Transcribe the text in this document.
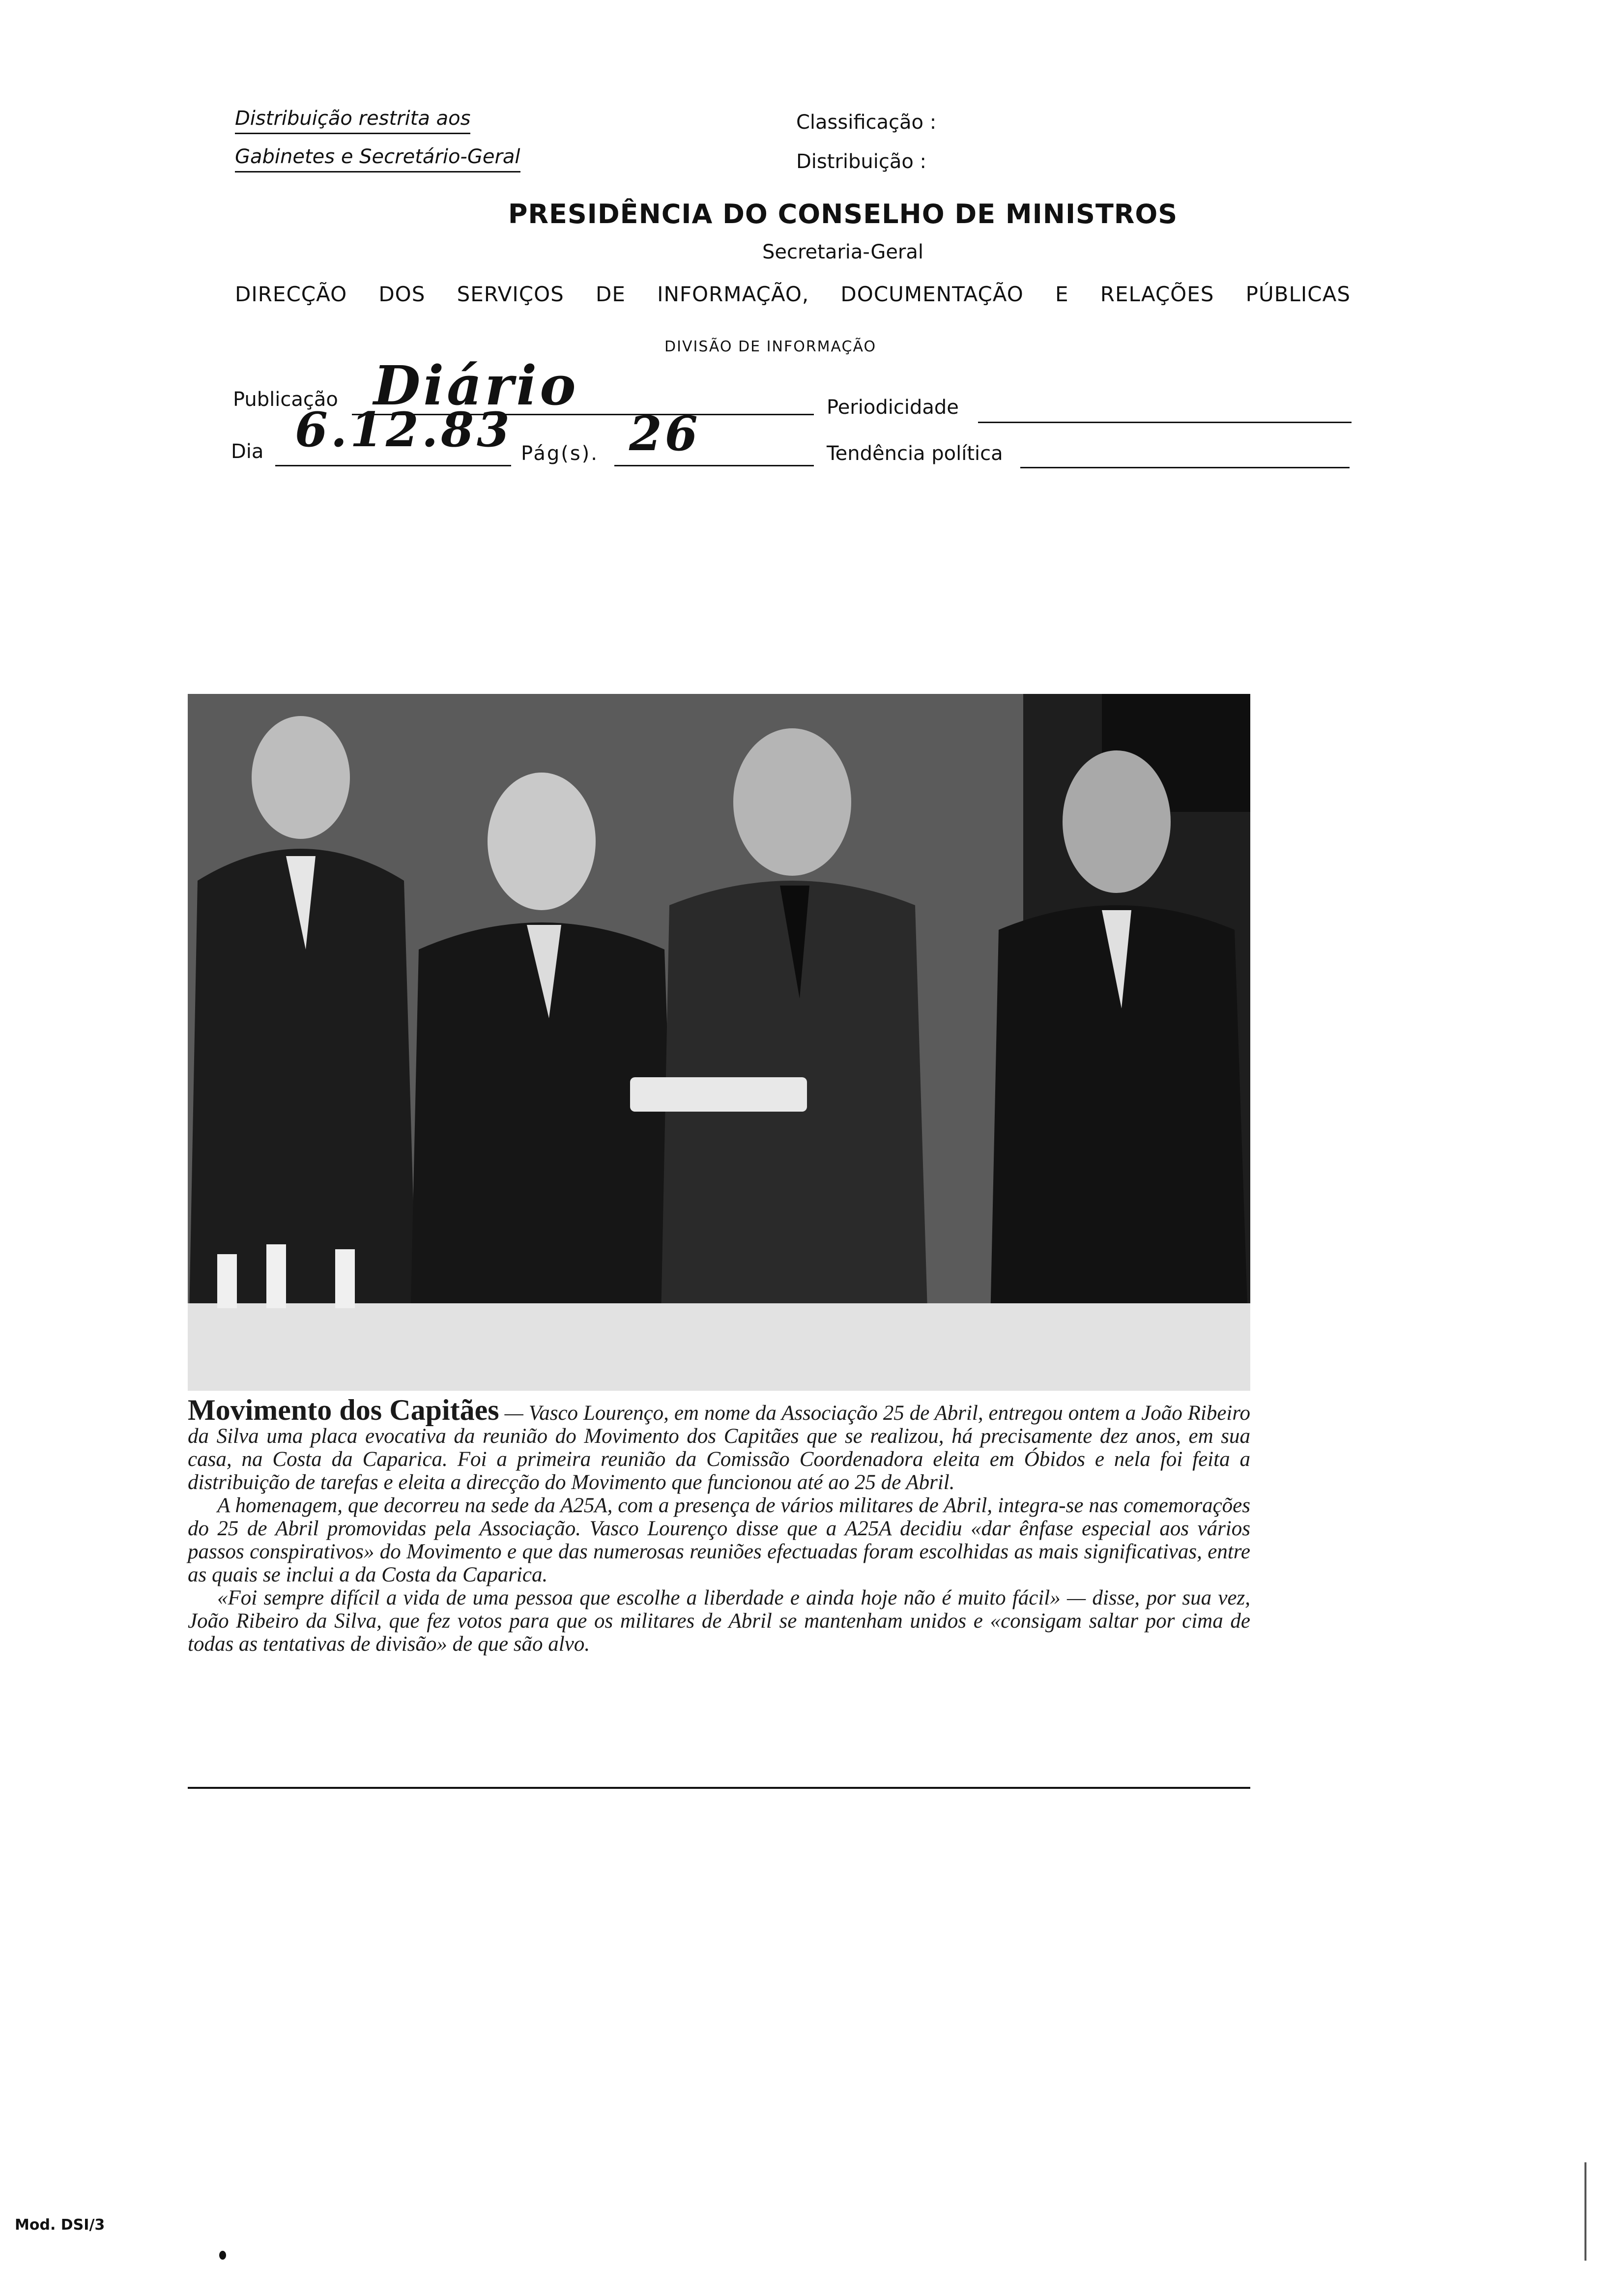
Distribuição restrita aos
Gabinetes e Secretário-Geral
Classificação :
Distribuição :
PRESIDÊNCIA DO CONSELHO DE MINISTROS
Secretaria-Geral
DIRECÇÃO DOS SERVIÇOS DE INFORMAÇÃO, DOCUMENTAÇÃO E RELAÇÕES PÚBLICAS
DIVISÃO DE INFORMAÇÃO
Publicação Diário	Periodicidade
Dia 6.12.83 Pág(s). 26	Tendência política

Movimento dos Capitães — Vasco Lourenço, em nome da Associação 25 de Abril, entregou ontem a João Ribeiro da Silva uma placa evocativa da reunião do Movimento dos Capitães que se realizou, há precisamente dez anos, em sua casa, na Costa da Caparica. Foi a primeira reunião da Comissão Coordenadora eleita em Óbidos e nela foi feita a distribuição de tarefas e eleita a direcção do Movimento que funcionou até ao 25 de Abril.

A homenagem, que decorreu na sede da A25A, com a presença de vários militares de Abril, integra-se nas comemorações do 25 de Abril promovidas pela Associação. Vasco Lourenço disse que a A25A decidiu «dar ênfase especial aos vários passos conspirativos» do Movimento e que das numerosas reuniões efectuadas foram escolhidas as mais significativas, entre as quais se inclui a da Costa da Caparica.

«Foi sempre difícil a vida de uma pessoa que escolhe a liberdade e ainda hoje não é muito fácil» — disse, por sua vez, João Ribeiro da Silva, que fez votos para que os militares de Abril se mantenham unidos e «consigam saltar por cima de todas as tentativas de divisão» de que são alvo.

Mod. DSI/3
